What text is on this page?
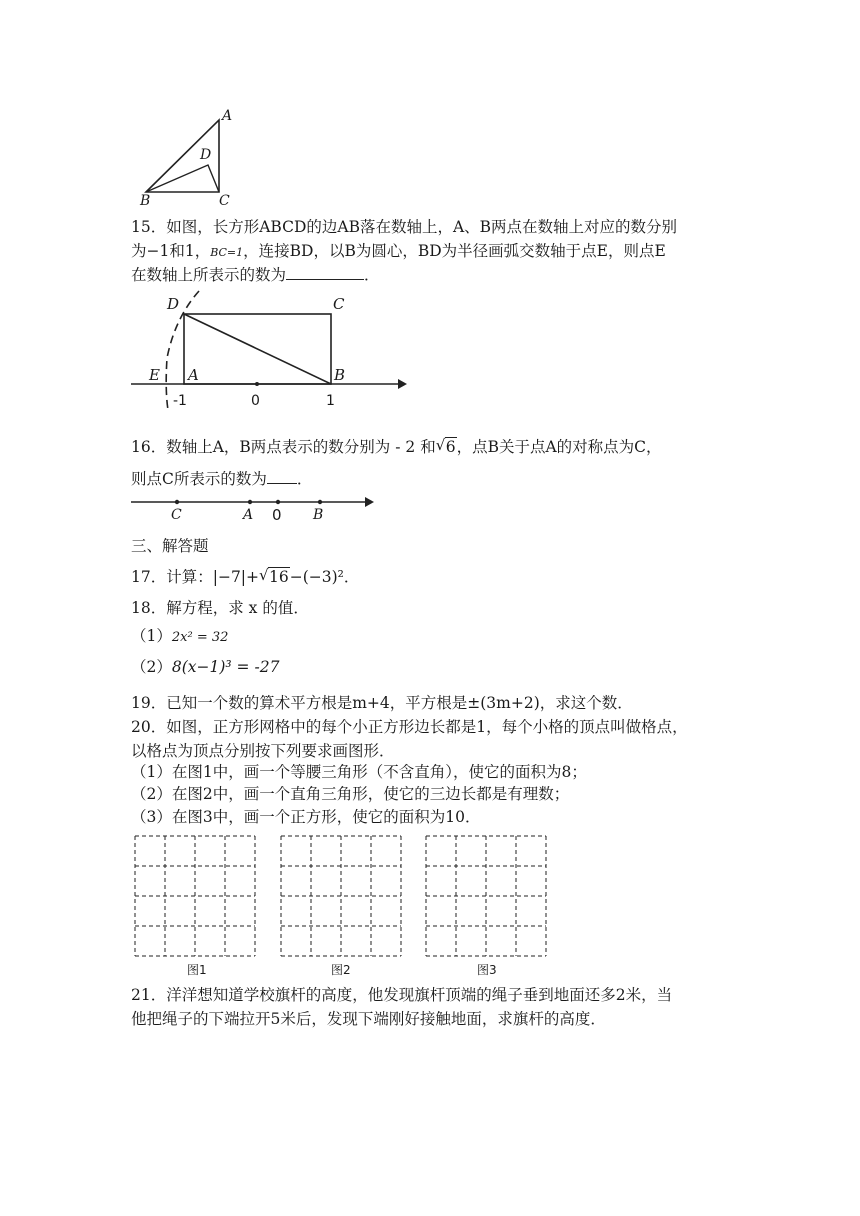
A
D
B	C
15．如图，长方形ABCD的边AB落在数轴上，A、B两点在数轴上对应的数分别
为−1和1，BC=1，连接BD，以B为圆心，BD为半径画弧交数轴于点E，则点E
在数轴上所表示的数为	．
D	C
E A	B
-1	0	1
16．数轴上A，B两点表示的数分别为 - 2 和 √ 6，点B关于点A的对称点为C，
则点C所表示的数为 ．
C	A 0 B
三、解答题
17．计算：|−7|+ √ 16−(−3)²．
18．解方程，求 x 的值．
（1）2x² = 32
（2）8(x−1)³ = -27
19．已知一个数的算术平方根是m+4，平方根是±(3m+2)，求这个数．
20．如图，正方形网格中的每个小正方形边长都是1，每个小格的顶点叫做格点，
以格点为顶点分别按下列要求画图形．
（1）在图1中，画一个等腰三角形（不含直角），使它的面积为8；
（2）在图2中，画一个直角三角形，使它的三边长都是有理数；
（3）在图3中，画一个正方形，使它的面积为10．
图1	图2	图3
21．洋洋想知道学校旗杆的高度，他发现旗杆顶端的绳子垂到地面还多2米，当
他把绳子的下端拉开5米后，发现下端刚好接触地面，求旗杆的高度．
